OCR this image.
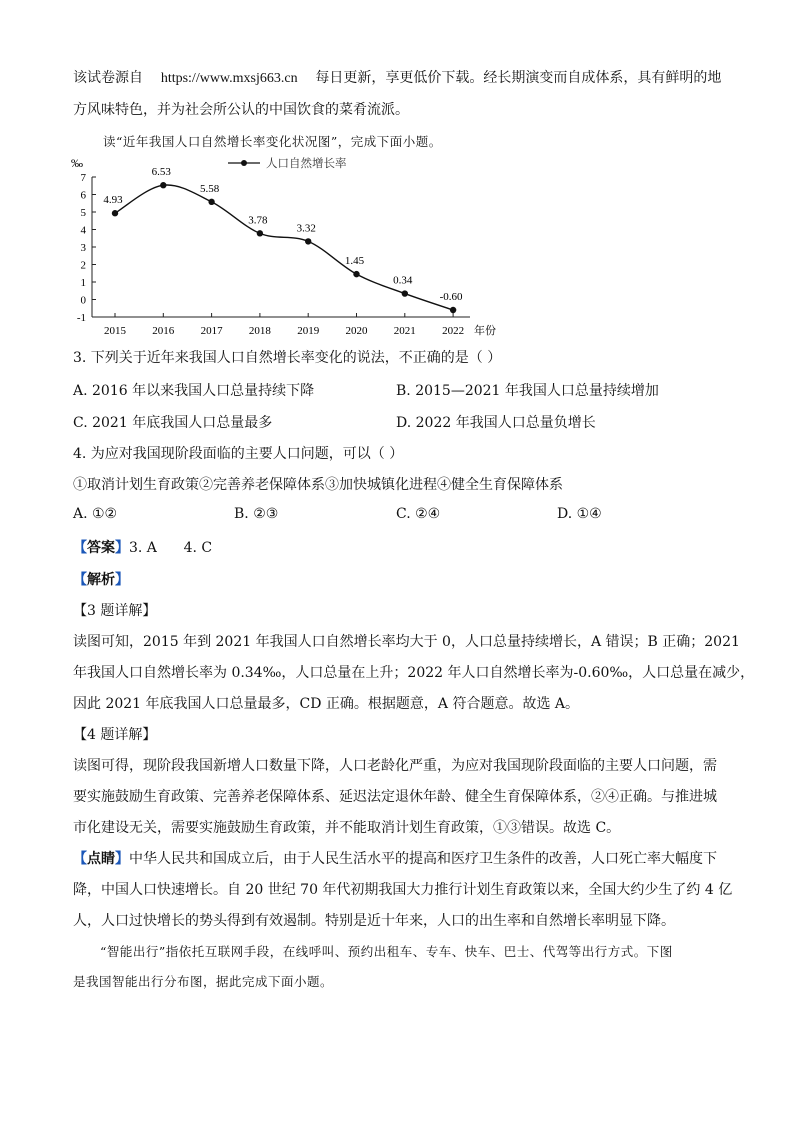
该试卷源自 https://www.mxsj663.cn 每日更新，享更低价下载。经长期演变而自成体系，具有鲜明的地
方风味特色，并为社会所公认的中国饮食的菜肴流派。
读“近年我国人口自然增长率变化状况图”，完成下面小题。
‰
7
6
5
4
3
2
1
0
-1
2015 2016 2017 2018 2019 2020 2021 2022 年份
4.93
6.53
5.58
3.78
3.32
1.45
0.34
-0.60
人口自然增长率
3. 下列关于近年来我国人口自然增长率变化的说法，不正确的是（ ）
A. 2016 年以来我国人口总量持续下降	B. 2015—2021 年我国人口总量持续增加
C. 2021 年底我国人口总量最多	D. 2022 年我国人口总量负增长
4. 为应对我国现阶段面临的主要人口问题，可以（ ）
①取消计划生育政策②完善养老保障体系③加快城镇化进程④健全生育保障体系
A. ①②	B. ②③	C. ②④	D. ①④
【答案】3. A      4. C
【解析】
【3 题详解】
读图可知，2015 年到 2021 年我国人口自然增长率均大于 0，人口总量持续增长，A 错误；B 正确；2021
年我国人口自然增长率为 0.34‰，人口总量在上升；2022 年人口自然增长率为-0.60‰，人口总量在减少，
因此 2021 年底我国人口总量最多，CD 正确。根据题意，A 符合题意。故选 A。
【4 题详解】
读图可得，现阶段我国新增人口数量下降，人口老龄化严重，为应对我国现阶段面临的主要人口问题，需
要实施鼓励生育政策、完善养老保障体系、延迟法定退休年龄、健全生育保障体系，②④正确。与推进城
市化建设无关，需要实施鼓励生育政策，并不能取消计划生育政策，①③错误。故选 C。
【点睛】中华人民共和国成立后，由于人民生活水平的提高和医疗卫生条件的改善，人口死亡率大幅度下
降，中国人口快速增长。自 20 世纪 70 年代初期我国大力推行计划生育政策以来，全国大约少生了约 4 亿
人，人口过快增长的势头得到有效遏制。特别是近十年来，人口的出生率和自然增长率明显下降。
“智能出行”指依托互联网手段，在线呼叫、预约出租车、专车、快车、巴士、代驾等出行方式。下图
是我国智能出行分布图，据此完成下面小题。
